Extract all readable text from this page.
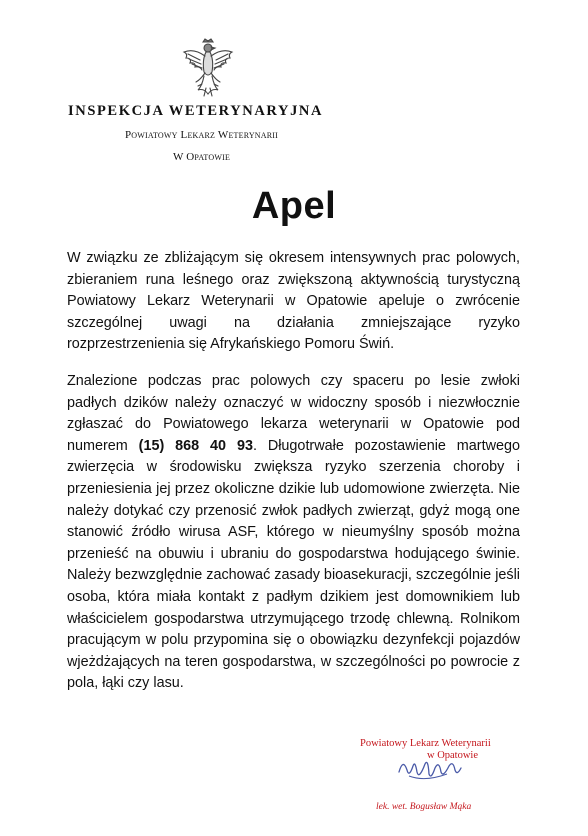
INSPEKCJA WETERYNARYJNA
Powiatowy Lekarz Weterynarii
W Opatowie
Apel

W związku ze zbliżającym się okresem intensywnych prac polowych, zbieraniem runa leśnego oraz zwiększoną aktywnością turystyczną Powiatowy Lekarz Weterynarii w Opatowie apeluje o zwrócenie szczególnej uwagi na działania zmniejszające ryzyko rozprzestrzenienia się Afrykańskiego Pomoru Świń.

Znalezione podczas prac polowych czy spaceru po lesie zwłoki padłych dzików należy oznaczyć w widoczny sposób i niezwłocznie zgłaszać do Powiatowego lekarza weterynarii w Opatowie pod numerem (15) 868 40 93. Długotrwałe pozostawienie martwego zwierzęcia w środowisku zwiększa ryzyko szerzenia choroby i przeniesienia jej przez okoliczne dzikie lub udomowione zwierzęta. Nie należy dotykać czy przenosić zwłok padłych zwierząt, gdyż mogą one stanowić źródło wirusa ASF, którego w nieumyślny sposób można przenieść na obuwiu i ubraniu do gospodarstwa hodującego świnie. Należy bezwzględnie zachować zasady bioasekuracji, szczególnie jeśli osoba, która miała kontakt z padłym dzikiem jest domownikiem lub właścicielem gospodarstwa utrzymującego trzodę chlewną. Rolnikom pracującym w polu przypomina się o obowiązku dezynfekcji pojazdów wjeżdżających na teren gospodarstwa, w szczególności po powrocie z pola, łąki czy lasu.

Powiatowy Lekarz Weterynarii
w Opatowie
lek. wet. Bogusław Mąka
